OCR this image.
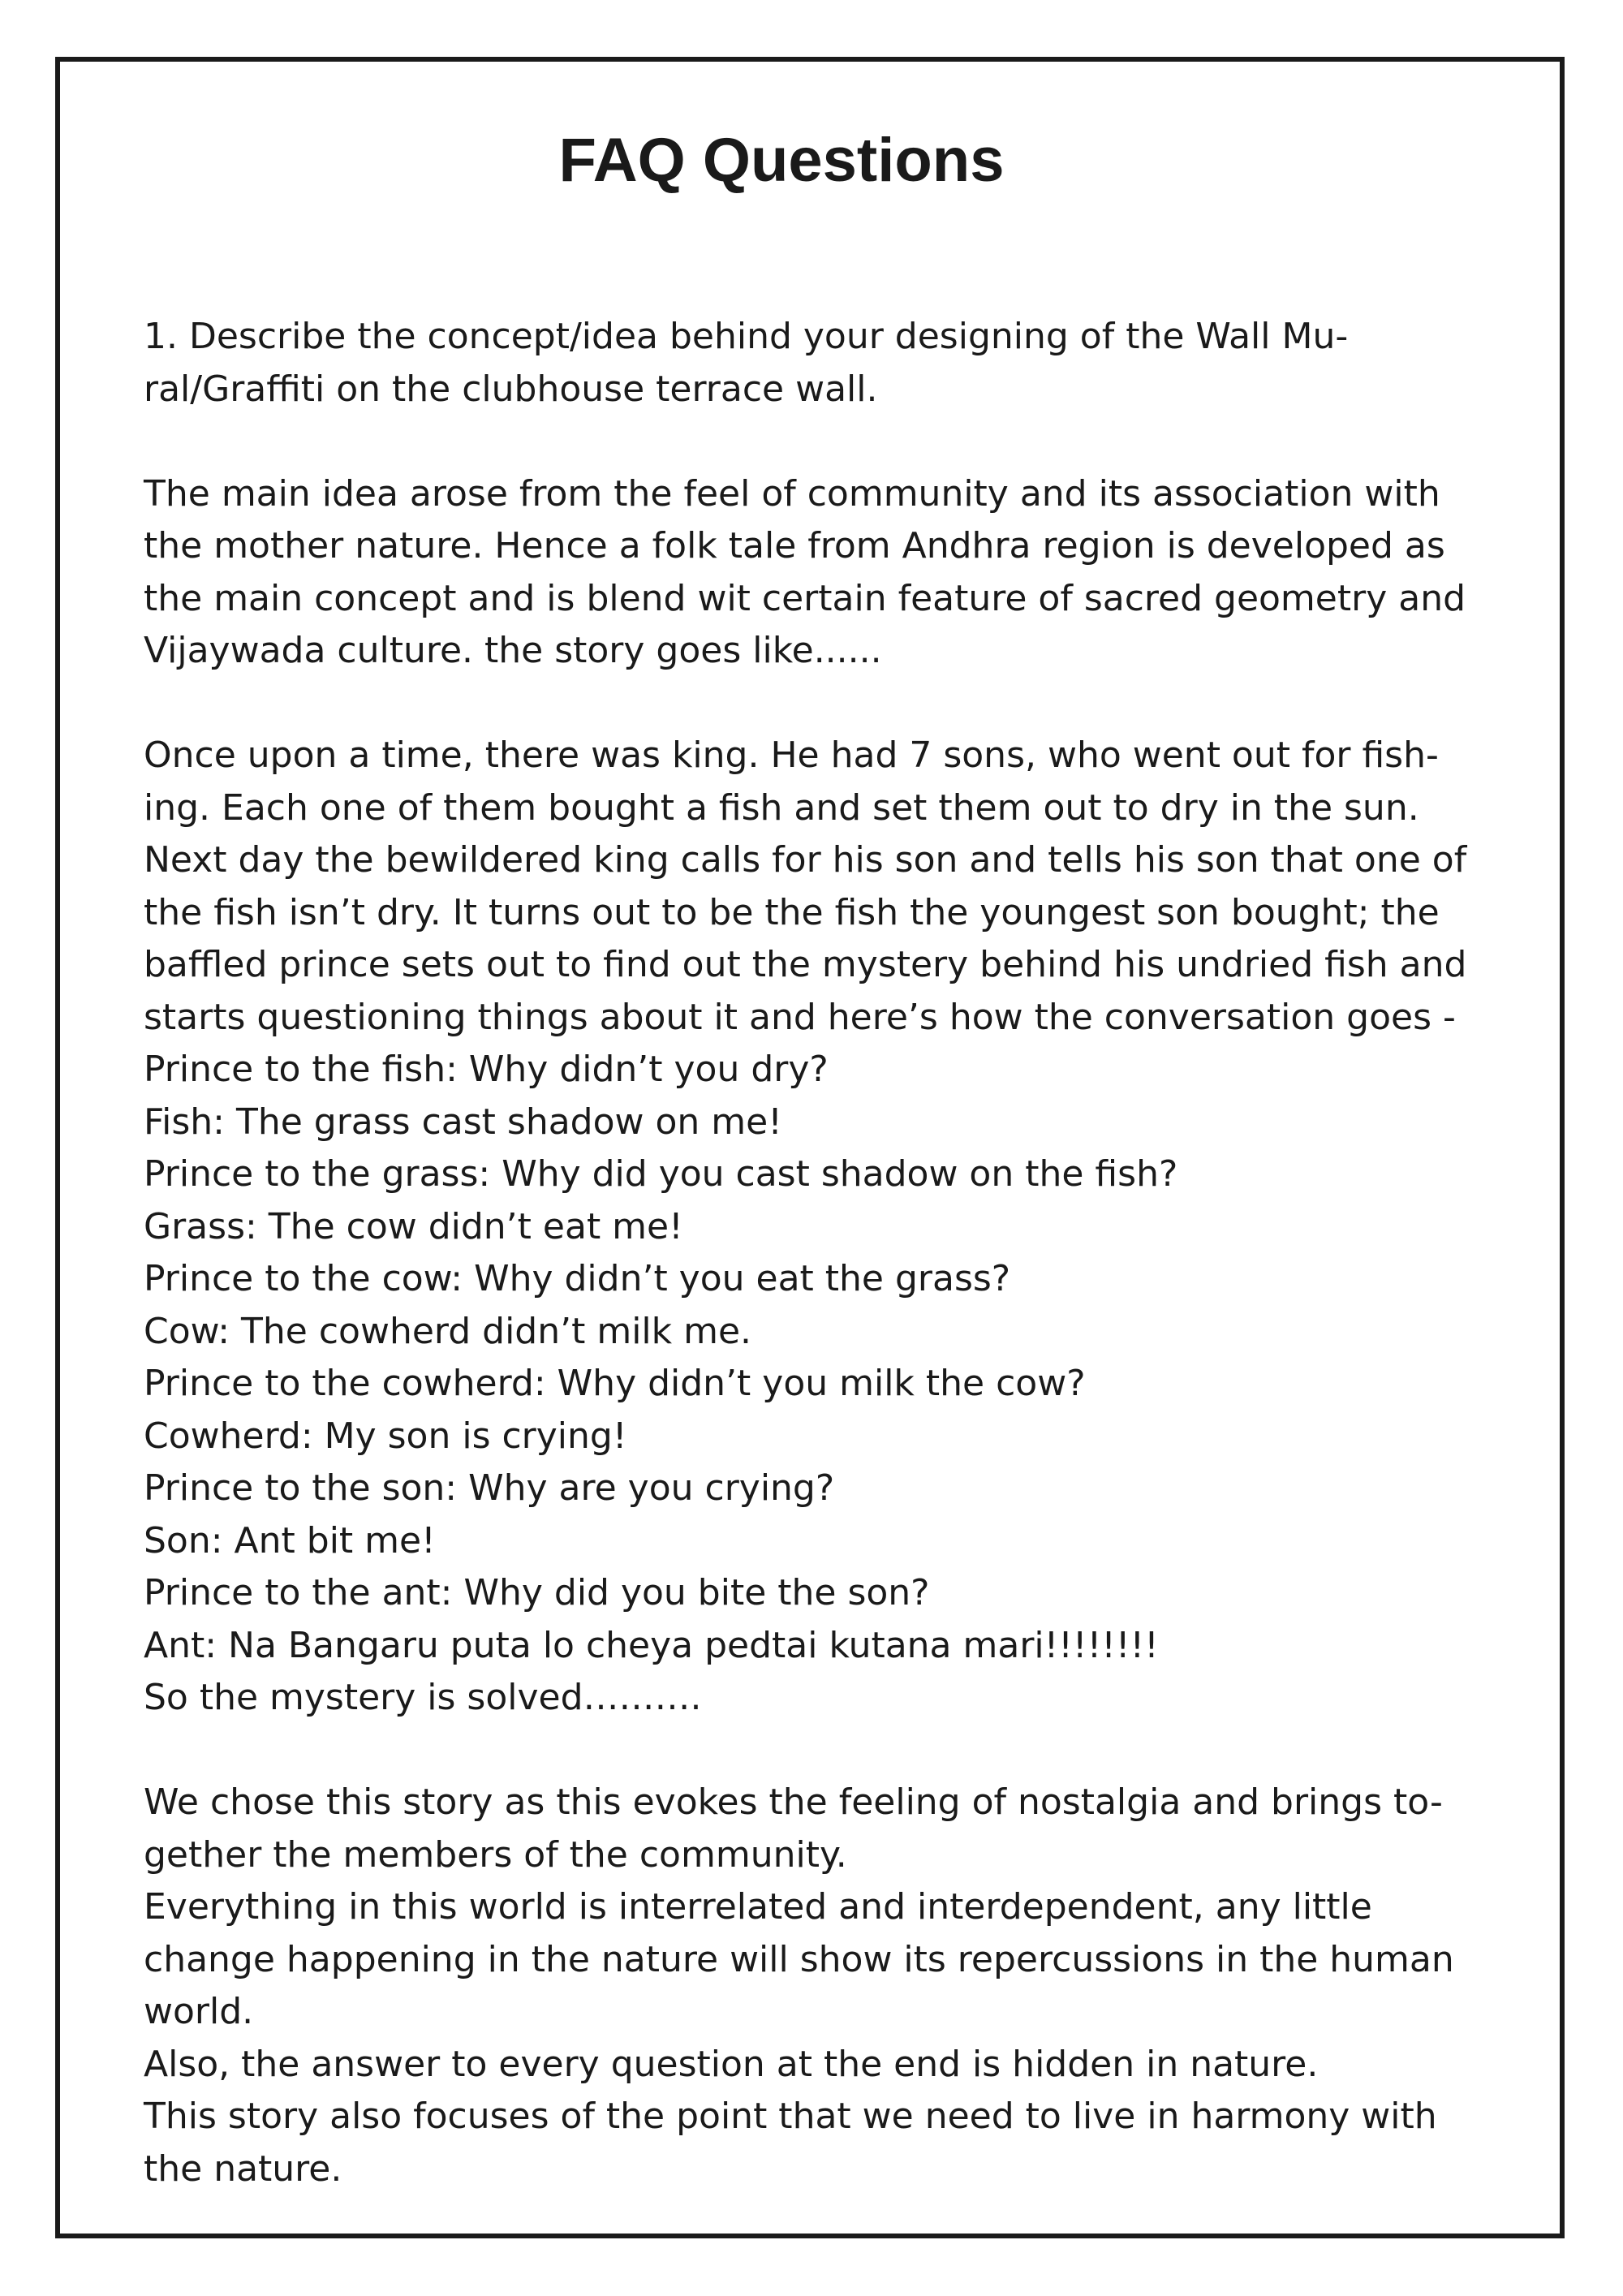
FAQ Questions
1. Describe the concept/idea behind your designing of the Wall Mu-
ral/Graffiti on the clubhouse terrace wall.
The main idea arose from the feel of community and its association with
the mother nature. Hence a folk tale from Andhra region is developed as
the main concept and is blend wit certain feature of sacred geometry and
Vijaywada culture. the story goes like......
Once upon a time, there was king. He had 7 sons, who went out for fish-
ing. Each one of them bought a fish and set them out to dry in the sun.
Next day the bewildered king calls for his son and tells his son that one of
the fish isn’t dry. It turns out to be the fish the youngest son bought; the
baffled prince sets out to find out the mystery behind his undried fish and
starts questioning things about it and here’s how the conversation goes -
Prince to the fish: Why didn’t you dry?
Fish: The grass cast shadow on me!
Prince to the grass: Why did you cast shadow on the fish?
Grass: The cow didn’t eat me!
Prince to the cow: Why didn’t you eat the grass?
Cow: The cowherd didn’t milk me.
Prince to the cowherd: Why didn’t you milk the cow?
Cowherd: My son is crying!
Prince to the son: Why are you crying?
Son: Ant bit me!
Prince to the ant: Why did you bite the son?
Ant: Na Bangaru puta lo cheya pedtai kutana mari!!!!!!!!
So the mystery is solved……….
We chose this story as this evokes the feeling of nostalgia and brings to-
gether the members of the community.
Everything in this world is interrelated and interdependent, any little
change happening in the nature will show its repercussions in the human
world.
Also, the answer to every question at the end is hidden in nature.
This story also focuses of the point that we need to live in harmony with
the nature.
